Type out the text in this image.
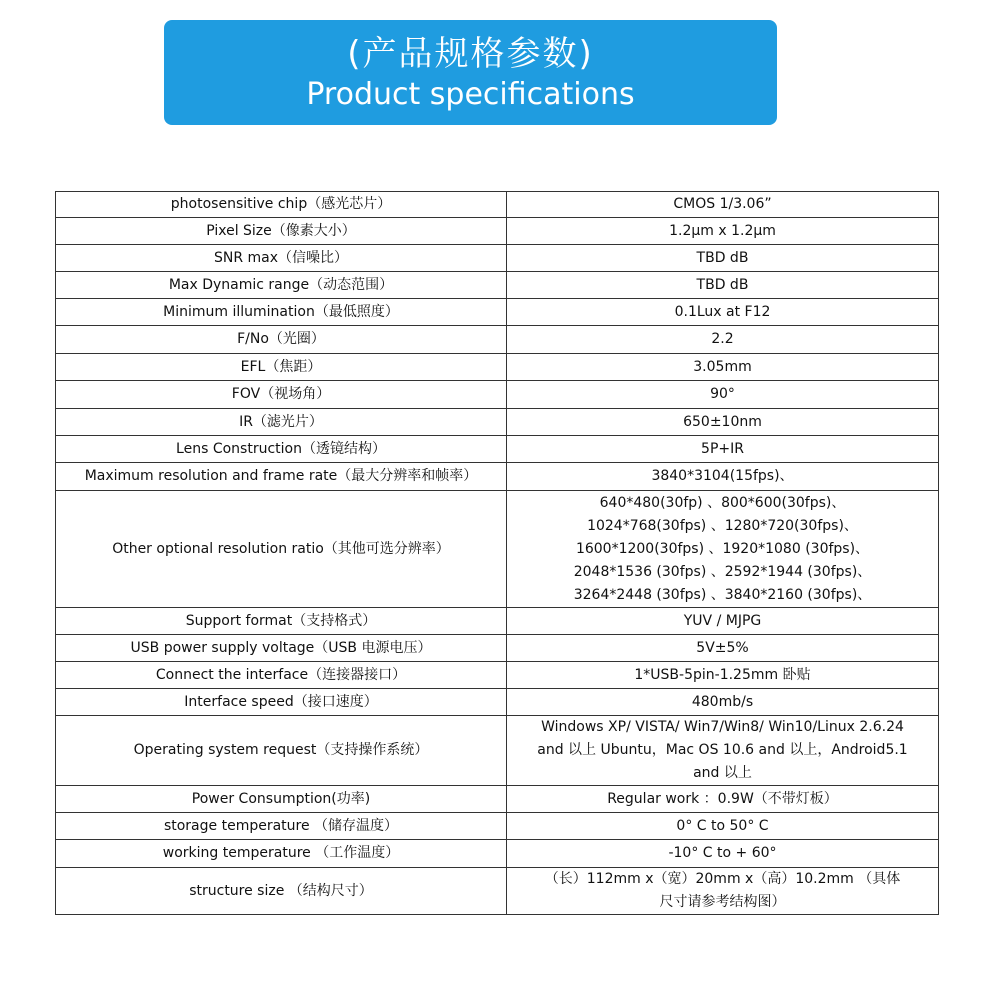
(产品规格参数)
Product specifications
photosensitive chip（感光芯片）	CMOS 1/3.06”
Pixel Size（像素大小）	1.2μm x 1.2μm
SNR max（信噪比）	TBD dB
Max Dynamic range（动态范围）	TBD dB
Minimum illumination（最低照度）	0.1Lux at F12
F/No（光圈）	2.2
EFL（焦距）	3.05mm
FOV（视场角）	90°
IR（滤光片）	650±10nm
Lens Construction（透镜结构）	5P+IR
Maximum resolution and frame rate（最大分辨率和帧率）	3840*3104(15fps)、
Other optional resolution ratio（其他可选分辨率）	640*480(30fp) 、800*600(30fps)、
1024*768(30fps) 、1280*720(30fps)、
1600*1200(30fps) 、1920*1080 (30fps)、
2048*1536 (30fps) 、2592*1944 (30fps)、
3264*2448 (30fps) 、3840*2160 (30fps)、
Support format（支持格式）	YUV / MJPG
USB power supply voltage（USB 电源电压）	5V±5%
Connect the interface（连接器接口）	1*USB-5pin-1.25mm 卧贴
Interface speed（接口速度）	480mb/s
Operating system request（支持操作系统）	Windows XP/ VISTA/ Win7/Win8/ Win10/Linux 2.6.24
and 以上 Ubuntu，Mac OS 10.6 and 以上，Android5.1
and 以上
Power Consumption(功率)	Regular work ：0.9W（不带灯板）
storage temperature （储存温度）	0° C to 50° C
working temperature （工作温度）	-10° C to + 60°
structure size （结构尺寸）	（长）112mm x（宽）20mm x（高）10.2mm （具体
尺寸请参考结构图）
